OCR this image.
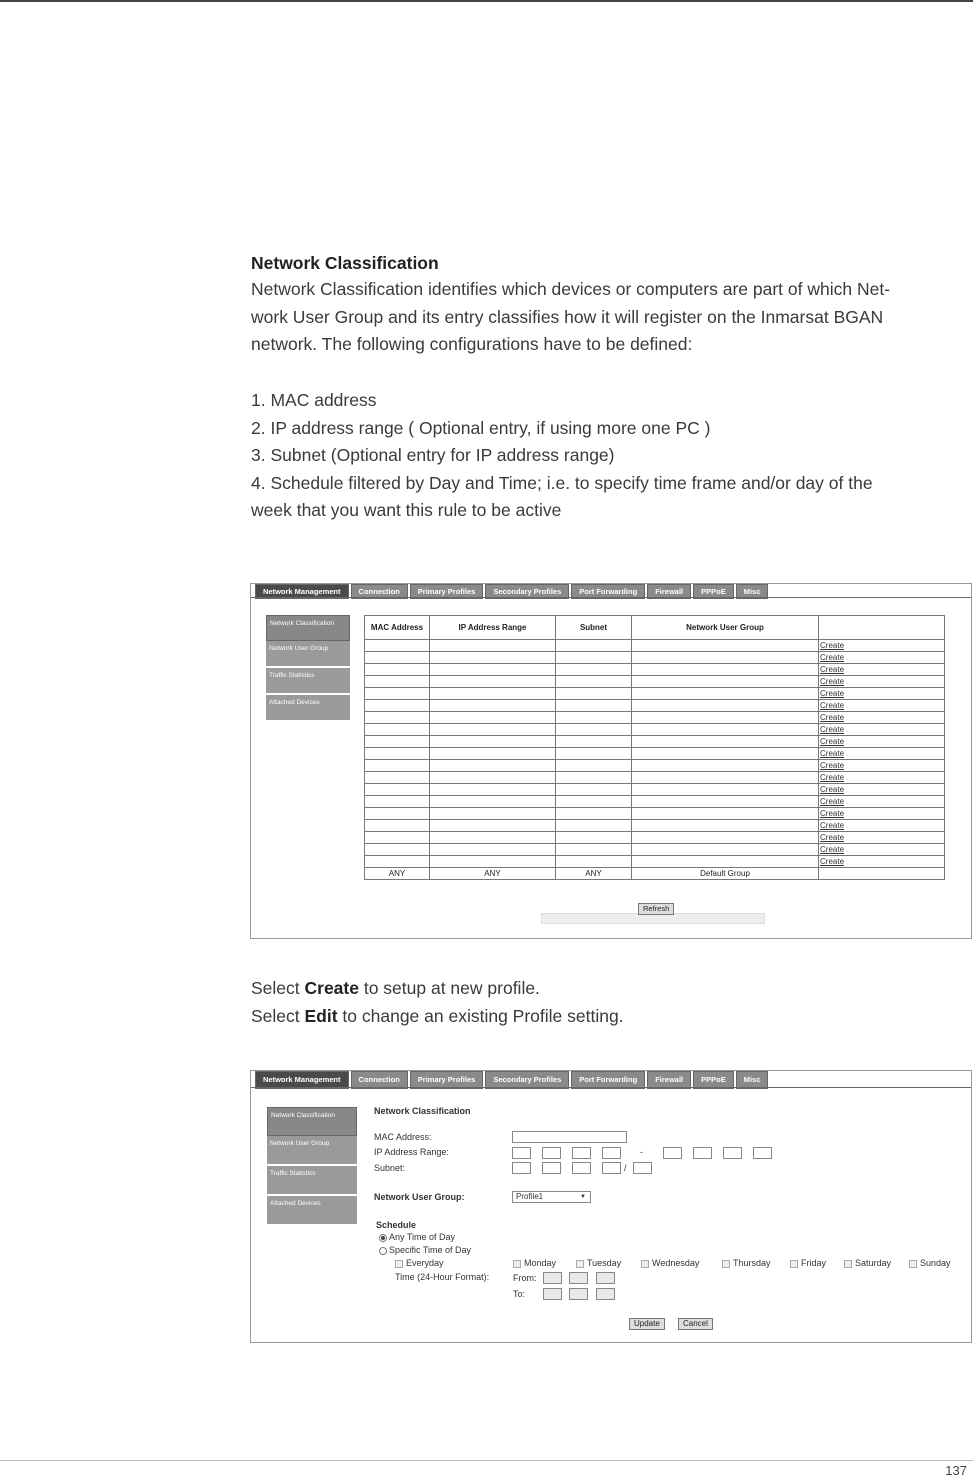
Network Classification
Network Classification identifies which devices or computers are part of which Net-
work User Group and its entry classifies how it will register on the Inmarsat BGAN
network. The following configurations have to be defined:
1. MAC address
2. IP address range ( Optional entry, if using more one PC )
3. Subnet (Optional entry for IP address range)
4. Schedule filtered by Day and Time; i.e. to specify time frame and/or day of the
week that you want this rule to be active
Network Management	Connection	Primary Profiles	Secondary Profiles	Port Forwarding	Firewall	PPPoE	Misc
Network Classification
Network User Group
Traffic Statistics
Attached Devices
MAC Address	IP Address Range	Subnet	Network User Group	
				Create
				Create
				Create
				Create
				Create
				Create
				Create
				Create
				Create
				Create
				Create
				Create
				Create
				Create
				Create
				Create
				Create
				Create
				Create
ANY	ANY	ANY	Default Group	
Refresh
Select Create to setup at new profile.
Select Edit to change an existing Profile setting.
Network Management	Connection	Primary Profiles	Secondary Profiles	Port Forwarding	Firewall	PPPoE	Misc
Network Classification
Network User Group
Traffic Statistics
Attached Devices
Network Classification
MAC Address:
IP Address Range:	-
Subnet:	/
Network User Group:	Profile1	▼
Schedule
Any Time of Day
Specific Time of Day
Everyday	Monday	Tuesday	Wednesday	Thursday	Friday	Saturday	Sunday
Time (24-Hour Format):	From:
To:
Update	Cancel
137
